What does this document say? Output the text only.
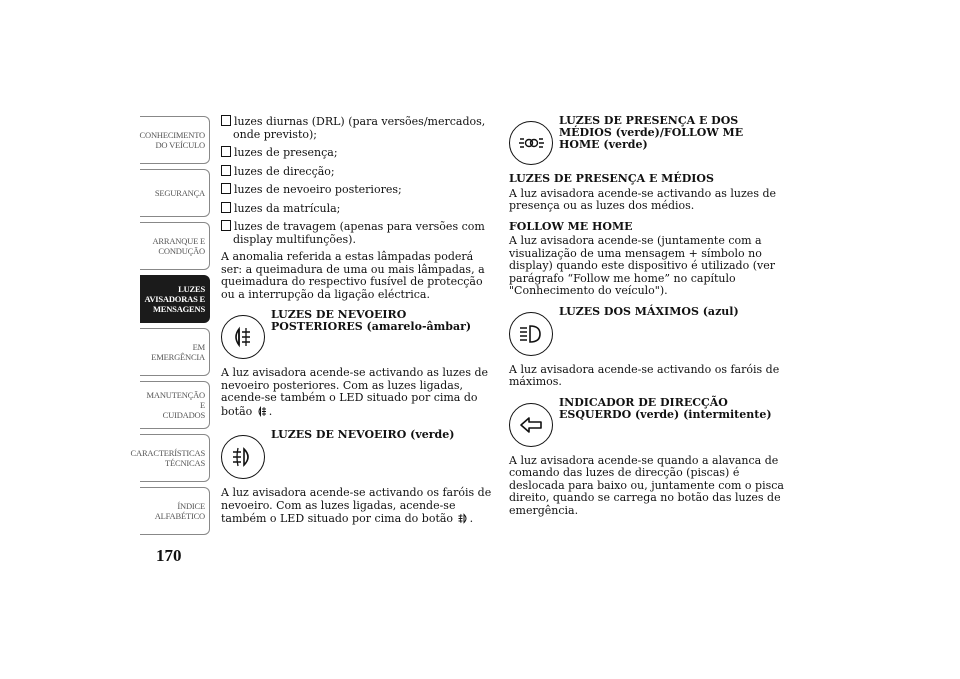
CONHECIMENTO
DO VEÍCULO
SEGURANÇA
ARRANQUE E
CONDUÇÃO
LUZES
AVISADORAS E
MENSAGENS
EM EMERGÊNCIA
MANUTENÇÃO E
CUIDADOS
CARACTERÍSTICAS
TÉCNICAS
ÍNDICE
ALFABÉTICO
170
luzes diurnas (DRL) (para versões/mercados, onde previsto);
luzes de presença;
luzes de direcção;
luzes de nevoeiro posteriores;
luzes da matrícula;
luzes de travagem (apenas para versões com display multifunções).

A anomalia referida a estas lâmpadas poderá ser: a queimadura de uma ou mais lâmpadas, a queimadura do respectivo fusível de protecção ou a interrupção da ligação eléctrica.

LUZES DE NEVOEIRO POSTERIORES (amarelo-âmbar)

A luz avisadora acende-se activando as luzes de nevoeiro posteriores. Com as luzes ligadas, acende-se também o LED situado por cima do botão .

LUZES DE NEVOEIRO (verde)

A luz avisadora acende-se activando os faróis de nevoeiro. Com as luzes ligadas, acende-se também o LED situado por cima do botão .

LUZES DE PRESENÇA E DOS MÉDIOS (verde)/FOLLOW ME HOME (verde)
LUZES DE PRESENÇA E MÉDIOS

A luz avisadora acende-se activando as luzes de presença ou as luzes dos médios.

FOLLOW ME HOME

A luz avisadora acende-se (juntamente com a visualização de uma mensagem + símbolo no display) quando este dispositivo é utilizado (ver parágrafo “Follow me home” no capítulo "Conhecimento do veículo").

LUZES DOS MÁXIMOS (azul)

A luz avisadora acende-se activando os faróis de máximos.

INDICADOR DE DIRECÇÃO ESQUERDO (verde) (intermitente)

A luz avisadora acende-se quando a alavanca de comando das luzes de direcção (piscas) é deslocada para baixo ou, juntamente com o pisca direito, quando se carrega no botão das luzes de emergência.
